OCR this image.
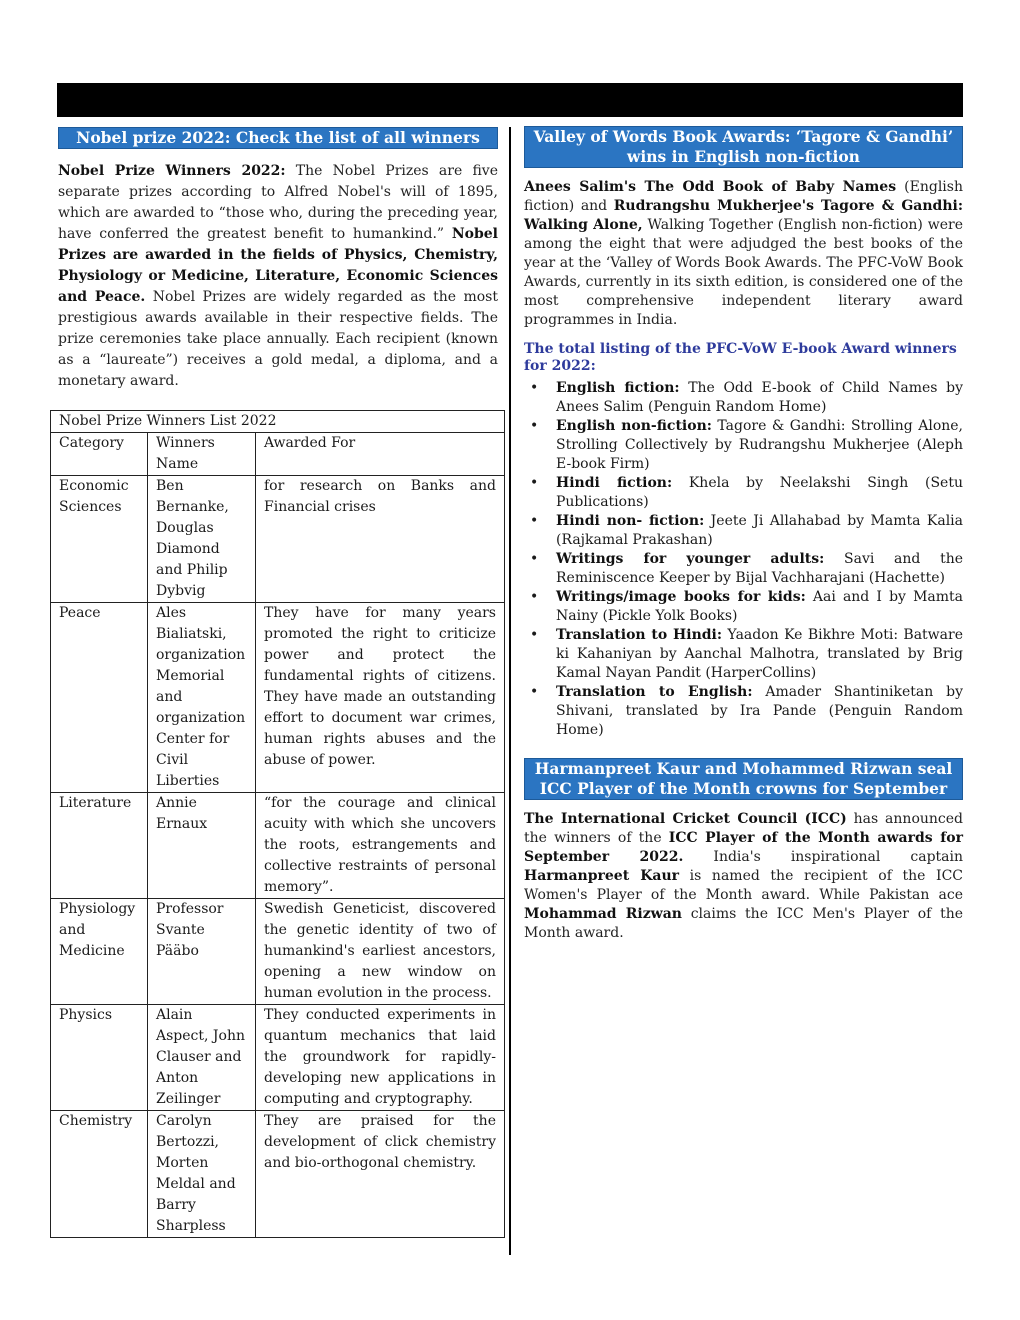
Nobel prize 2022: Check the list of all winners

Nobel Prize Winners 2022: The Nobel Prizes are five separate prizes according to Alfred Nobel's will of 1895, which are awarded to “those who, during the preceding year, have conferred the greatest benefit to humankind.” Nobel Prizes are awarded in the fields of Physics, Chemistry, Physiology or Medicine, Literature, Economic Sciences and Peace. Nobel Prizes are widely regarded as the most prestigious awards available in their respective fields. The prize ceremonies take place annually. Each recipient (known as a “laureate”) receives a gold medal, a diploma, and a monetary award.

Nobel Prize Winners List 2022		
Category	Winners Name	Awarded For
Economic Sciences	Ben Bernanke, Douglas Diamond and Philip Dybvig	for research on Banks and Financial crises
Peace	Ales Bialiatski, organization Memorial and organization Center for Civil Liberties	They have for many years promoted the right to criticize power and protect the fundamental rights of citizens. They have made an outstanding effort to document war crimes, human rights abuses and the abuse of power.
Literature	Annie Ernaux	“for the courage and clinical acuity with which she uncovers the roots, estrangements and collective restraints of personal memory”.
Physiology and Medicine	Professor Svante Pääbo	Swedish Geneticist, discovered the genetic identity of two of humankind's earliest ancestors, opening a new window on human evolution in the process.
Physics	Alain Aspect, John Clauser and Anton Zeilinger	They conducted experiments in quantum mechanics that laid the groundwork for rapidly-developing new applications in computing and cryptography.
Chemistry	Carolyn Bertozzi, Morten Meldal and Barry Sharpless	They are praised for the development of click chemistry and bio-orthogonal chemistry.
Valley of Words Book Awards: ‘Tagore & Gandhi’ wins in English non-fiction

Anees Salim's The Odd Book of Baby Names (English fiction) and Rudrangshu Mukherjee's Tagore & Gandhi: Walking Alone, Walking Together (English non-fiction) were among the eight that were adjudged the best books of the year at the ‘Valley of Words Book Awards. The PFC-VoW Book Awards, currently in its sixth edition, is considered one of the most comprehensive independent literary award programmes in India.

The total listing of the PFC-VoW E-book Award winners for 2022:
• English fiction: The Odd E-book of Child Names by Anees Salim (Penguin Random Home)
• English non-fiction: Tagore & Gandhi: Strolling Alone, Strolling Collectively by Rudrangshu Mukherjee (Aleph E-book Firm)
• Hindi fiction: Khela by Neelakshi Singh (Setu Publications)
• Hindi non- fiction: Jeete Ji Allahabad by Mamta Kalia (Rajkamal Prakashan)
• Writings for younger adults: Savi and the Reminiscence Keeper by Bijal Vachharajani (Hachette)
• Writings/image books for kids: Aai and I by Mamta Nainy (Pickle Yolk Books)
• Translation to Hindi: Yaadon Ke Bikhre Moti: Batware ki Kahaniyan by Aanchal Malhotra, translated by Brig Kamal Nayan Pandit (HarperCollins)
• Translation to English: Amader Shantiniketan by Shivani, translated by Ira Pande (Penguin Random Home)
Harmanpreet Kaur and Mohammed Rizwan seal ICC Player of the Month crowns for September

The International Cricket Council (ICC) has announced the winners of the ICC Player of the Month awards for September 2022. India's inspirational captain Harmanpreet Kaur is named the recipient of the ICC Women's Player of the Month award. While Pakistan ace Mohammad Rizwan claims the ICC Men's Player of the Month award.
